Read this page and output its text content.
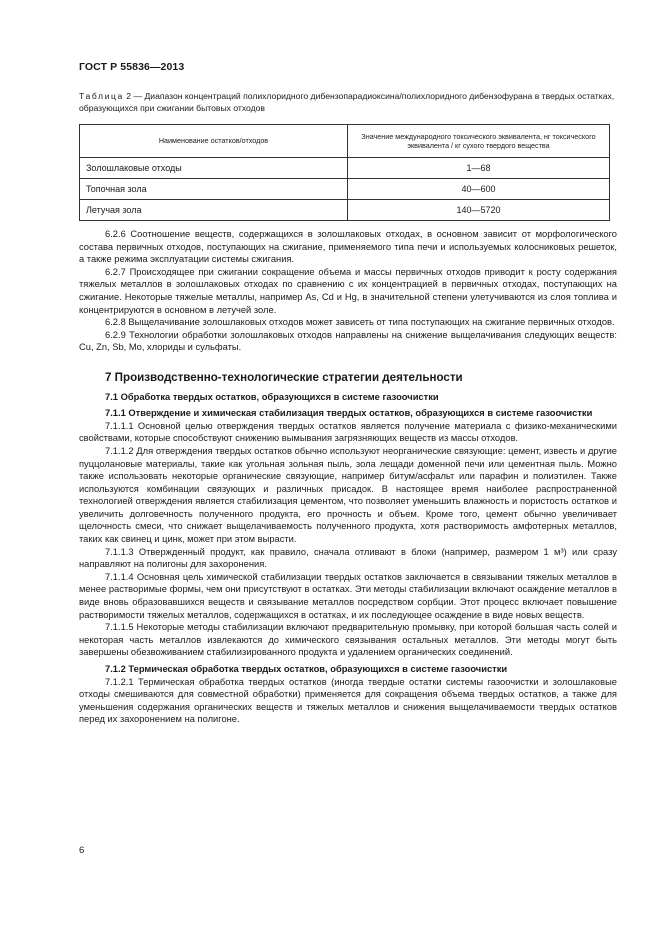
ГОСТ Р 55836—2013
Таблица 2 — Диапазон концентраций полихлоридного дибензопарадиоксина/полихлоридного дибензофурана в твердых остатках, образующихся при сжигании бытовых отходов
Наименование остатков/отходов	Значение международного токсического эквивалента, нг токсического эквивалента / кг сухого твердого вещества
Золошлаковые отходы	1—68
Топочная зола	40—600
Летучая зола	140—5720

6.2.6 Соотношение веществ, содержащихся в золошлаковых отходах, в основном зависит от морфологического состава первичных отходов, поступающих на сжигание, применяемого типа печи и используемых колосниковых решеток, а также режима эксплуатации системы сжигания.

6.2.7 Происходящее при сжигании сокращение объема и массы первичных отходов приводит к росту содержания тяжелых металлов в золошлаковых отходах по сравнению с их концентрацией в первичных отходах, поступающих на сжигание. Некоторые тяжелые металлы, например As, Cd и Hg, в значительной степени улетучиваются из слоя топлива и концентрируются в основном в летучей золе.

6.2.8 Выщелачивание золошлаковых отходов может зависеть от типа поступающих на сжигание первичных отходов.

6.2.9 Технологии обработки золошлаковых отходов направлены на снижение выщелачивания следующих веществ: Cu, Zn, Sb, Mo, хлориды и сульфаты.

7 Производственно-технологические стратегии деятельности
7.1 Обработка твердых остатков, образующихся в системе газоочистки
7.1.1 Отверждение и химическая стабилизация твердых остатков, образующихся в системе газоочистки

7.1.1.1 Основной целью отверждения твердых остатков является получение материала с физико-механическими свойствами, которые способствуют снижению вымывания загрязняющих веществ из массы отходов.

7.1.1.2 Для отверждения твердых остатков обычно используют неорганические связующие: цемент, известь и другие пуццолановые материалы, такие как угольная зольная пыль, зола лещади доменной печи или цементная пыль. Можно также использовать некоторые органические связующие, например битум/асфальт или парафин и полиэтилен. Также используются комбинации связующих и различных присадок. В настоящее время наиболее распространенной технологией отверждения является стабилизация цементом, что позволяет уменьшить влажность и пористость остатков и увеличить долговечность полученного продукта, его прочность и объем. Кроме того, цемент обычно увеличивает щелочность смеси, что снижает выщелачиваемость полученного продукта, хотя растворимость амфотерных металлов, таких как свинец и цинк, может при этом вырасти.

7.1.1.3 Отвержденный продукт, как правило, сначала отливают в блоки (например, размером 1 м³) или сразу направляют на полигоны для захоронения.

7.1.1.4 Основная цель химической стабилизации твердых остатков заключается в связывании тяжелых металлов в менее растворимые формы, чем они присутствуют в остатках. Эти методы стабилизации включают осаждение металлов в виде вновь образовавшихся веществ и связывание металлов посредством сорбции. Этот процесс включает повышение растворимости тяжелых металлов, содержащихся в остатках, и их последующее осаждение в виде новых веществ.

7.1.1.5 Некоторые методы стабилизации включают предварительную промывку, при которой большая часть солей и некоторая часть металлов извлекаются до химического связывания остальных металлов. Эти методы могут быть завершены обезвоживанием стабилизированного продукта и удалением органических соединений.

7.1.2 Термическая обработка твердых остатков, образующихся в системе газоочистки

7.1.2.1 Термическая обработка твердых остатков (иногда твердые остатки системы газоочистки и золошлаковые отходы смешиваются для совместной обработки) применяется для сокращения объема твердых остатков, а также для уменьшения содержания органических веществ и тяжелых металлов и снижения выщелачиваемости твердых остатков перед их захоронением на полигоне.

6
